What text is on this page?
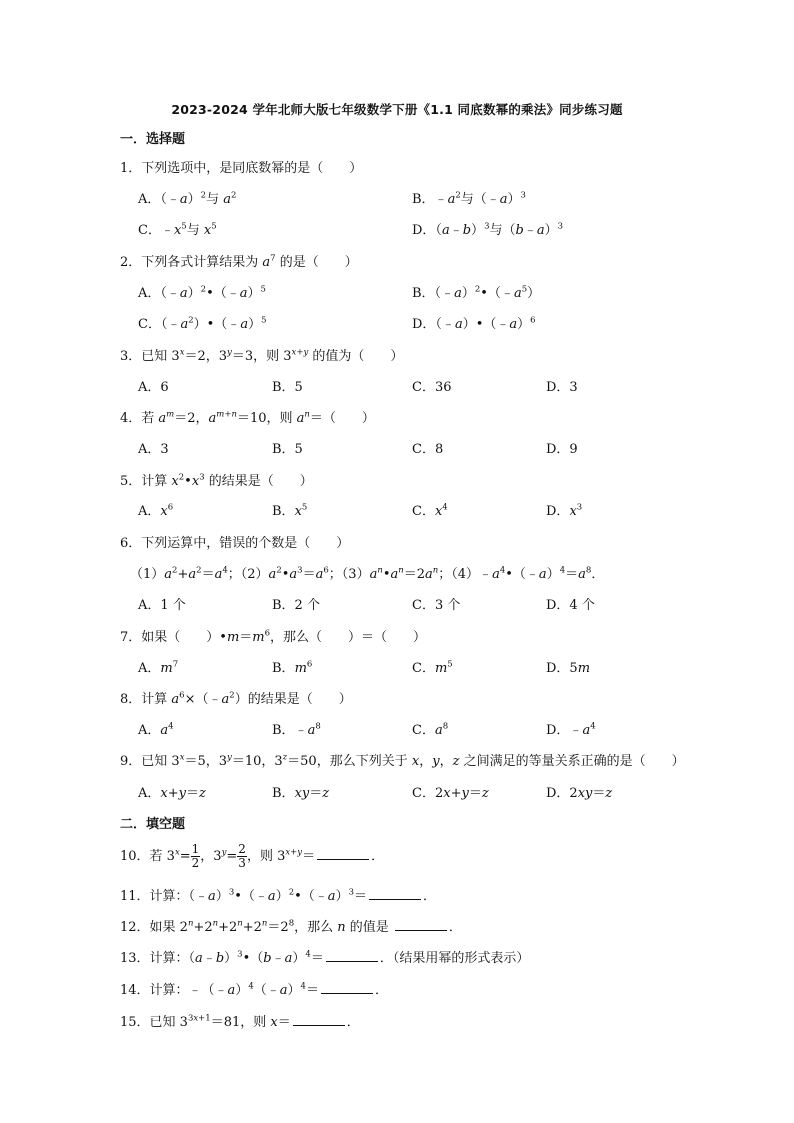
2023-2024 学年北师大版七年级数学下册《1.1 同底数幂的乘法》同步练习题
一．选择题
1．下列选项中，是同底数幂的是（　　）
A．（﹣a）$^2$与 $a^2$	B．$﹣a^2$与（﹣a）$^3$
C．$﹣x^5$与 $x^5$	D．（a﹣b）$^3$与（b﹣a）$^3$
2．下列各式计算结果为 $a^7$ 的是（　　）
A．（﹣a）$^2$•（﹣a）$^5$	B．$(﹣a)^2•(﹣a^5)$
C．$(﹣a^2)•(﹣a)^5$	D．（﹣a）•（﹣a）$^6$
3．已知 $3^x=2$，$3^y=3$，则 $3^{x+y}$ 的值为（　　）
A．6	B．5	C．36	D．3
4．若 $a^m=2$，$a^{m+n}=10$，则 $a^n=$（　　）
A．3	B．5	C．8	D．9
5．计算 $x^2•x^3$ 的结果是（　　）
A．$x^6$	B．$x^5$	C．$x^4$	D．$x^3$
6．下列运算中，错误的个数是（　　）
$(1)a^2+a^2=a^4$；$(2)a^2•a^3=a^6$；$(3)a^n•a^n=2a^n$；$(4)﹣a^4•(﹣a)^4=a^8$．
A．1 个	B．2 个	C．3 个	D．4 个
7．如果（　　）$•m=m^6$，那么（　　）＝（　　）
A．$m^7$	B．$m^6$	C．$m^5$	D．5m
8．计算 $a^6\times(﹣a^2)$的结果是（　　）
A．$a^4$	B．$﹣a^8$	C．$a^8$	D．$﹣a^4$
9．已知 $3^x=5$，$3^y=10$，$3^z=50$，那么下列关于 x，y，z 之间满足的等量关系正确的是（　　）
A．x+y＝z	B．xy＝z	C．2x+y＝z	D．2xy＝z
二．填空题
10．若 $3^x= \frac{1}{2}$ ，$3^y= \frac{2}{3}$ ，则 $3^{x+y}=$	．
11．计算：（﹣a）$^3$•（﹣a）$^2$•（﹣a）$^3$＝	．
12．如果 $2^n+2^n+2^n+2^n=2^8$，那么 n 的值是	．
13．计算：（a﹣b）$^3$•（b﹣a）$^4$＝	．（结果用幂的形式表示）
14．计算：﹣（﹣a）$^4$（﹣a）$^4$＝	．
15．已知 $3^{3x+1}=81$，则 x＝	．
